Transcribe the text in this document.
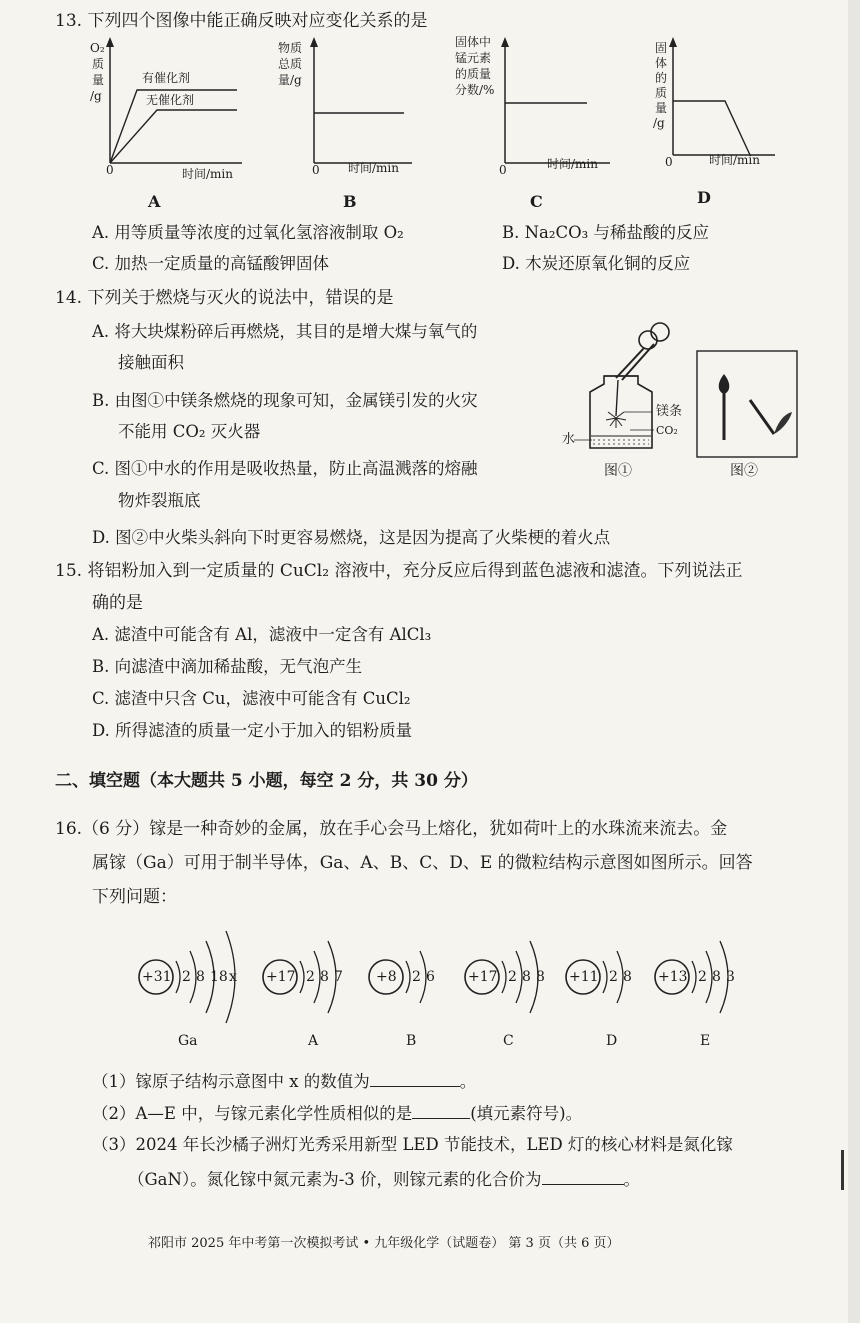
13. 下列四个图像中能正确反映对应变化关系的是
O₂
质
量
/g
有催化剂
无催化剂
0	时间/min
A
物质
总质
量/g
0 时间/min
B
固体中
锰元素
的质量
分数/%
0	时间/min
C
固
体
的
质
量
/g
0	时间/min
D
A. 用等质量等浓度的过氧化氢溶液制取 O₂	B. Na₂CO₃ 与稀盐酸的反应
C. 加热一定质量的高锰酸钾固体	D. 木炭还原氧化铜的反应
14. 下列关于燃烧与灭火的说法中，错误的是
A. 将大块煤粉碎后再燃烧，其目的是增大煤与氧气的
接触面积
B. 由图①中镁条燃烧的现象可知，金属镁引发的火灾
不能用 CO₂ 灭火器
C. 图①中水的作用是吸收热量，防止高温溅落的熔融
物炸裂瓶底
D. 图②中火柴头斜向下时更容易燃烧，这是因为提高了火柴梗的着火点
镁条
CO₂
水
图①	图②
15. 将铝粉加入到一定质量的 CuCl₂ 溶液中，充分反应后得到蓝色滤液和滤渣。下列说法正
确的是
A. 滤渣中可能含有 Al，滤液中一定含有 AlCl₃
B. 向滤渣中滴加稀盐酸，无气泡产生
C. 滤渣中只含 Cu，滤液中可能含有 CuCl₂
D. 所得滤渣的质量一定小于加入的铝粉质量
二、填空题（本大题共 5 小题，每空 2 分，共 30 分）
16.（6 分）镓是一种奇妙的金属，放在手心会马上熔化，犹如荷叶上的水珠流来流去。金
属镓（Ga）可用于制半导体，Ga、A、B、C、D、E 的微粒结构示意图如图所示。回答
下列问题：
+31 2 8 18 x +17 2 8 7 +8 2 6 +17 2 8 8 +11 2 8 +13 2 8 3
Ga	A	B	C	D	E
（1）镓原子结构示意图中 x 的数值为	。
（2）A—E 中，与镓元素化学性质相似的是	(填元素符号)。
（3）2024 年长沙橘子洲灯光秀采用新型 LED 节能技术，LED 灯的核心材料是氮化镓
（GaN）。氮化镓中氮元素为-3 价，则镓元素的化合价为	。
祁阳市 2025 年中考第一次模拟考试 • 九年级化学（试题卷） 第 3 页（共 6 页）
